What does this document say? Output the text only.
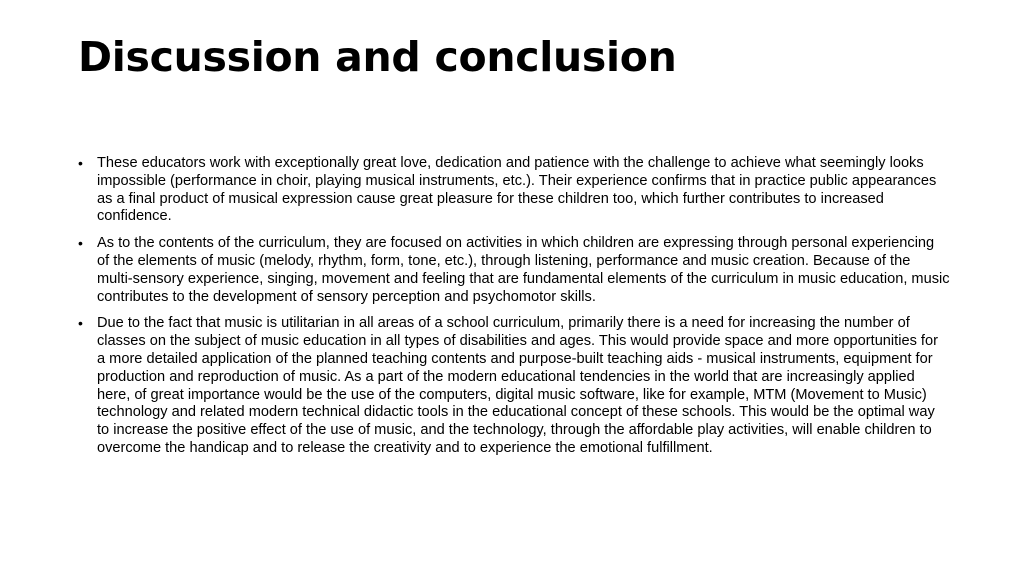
Discussion and conclusion
• These educators work with exceptionally great love, dedication and patience with the challenge to achieve what seemingly looks impossible (performance in choir, playing musical instruments, etc.). Their experience confirms that in practice public appearances as a final product of musical expression cause great pleasure for these children too, which further contributes to increased confidence.
• As to the contents of the curriculum, they are focused on activities in which children are expressing through personal experiencing of the elements of music (melody, rhythm, form, tone, etc.), through listening, performance and music creation. Because of the multi-sensory experience, singing, movement and feeling that are fundamental elements of the curriculum in music education, music contributes to the development of sensory perception and psychomotor skills.
• Due to the fact that music is utilitarian in all areas of a school curriculum, primarily there is a need for increasing the number of classes on the subject of music education in all types of disabilities and ages. This would provide space and more opportunities for a more detailed application of the planned teaching contents and purpose-built teaching aids - musical instruments, equipment for production and reproduction of music. As a part of the modern educational tendencies in the world that are increasingly applied here, of great importance would be the use of the computers, digital music software, like for example, MTM (Movement to Music) technology and related modern technical didactic tools in the educational concept of these schools. This would be the optimal way to increase the positive effect of the use of music, and the technology, through the affordable play activities, will enable children to overcome the handicap and to release the creativity and to experience the emotional fulfillment.
